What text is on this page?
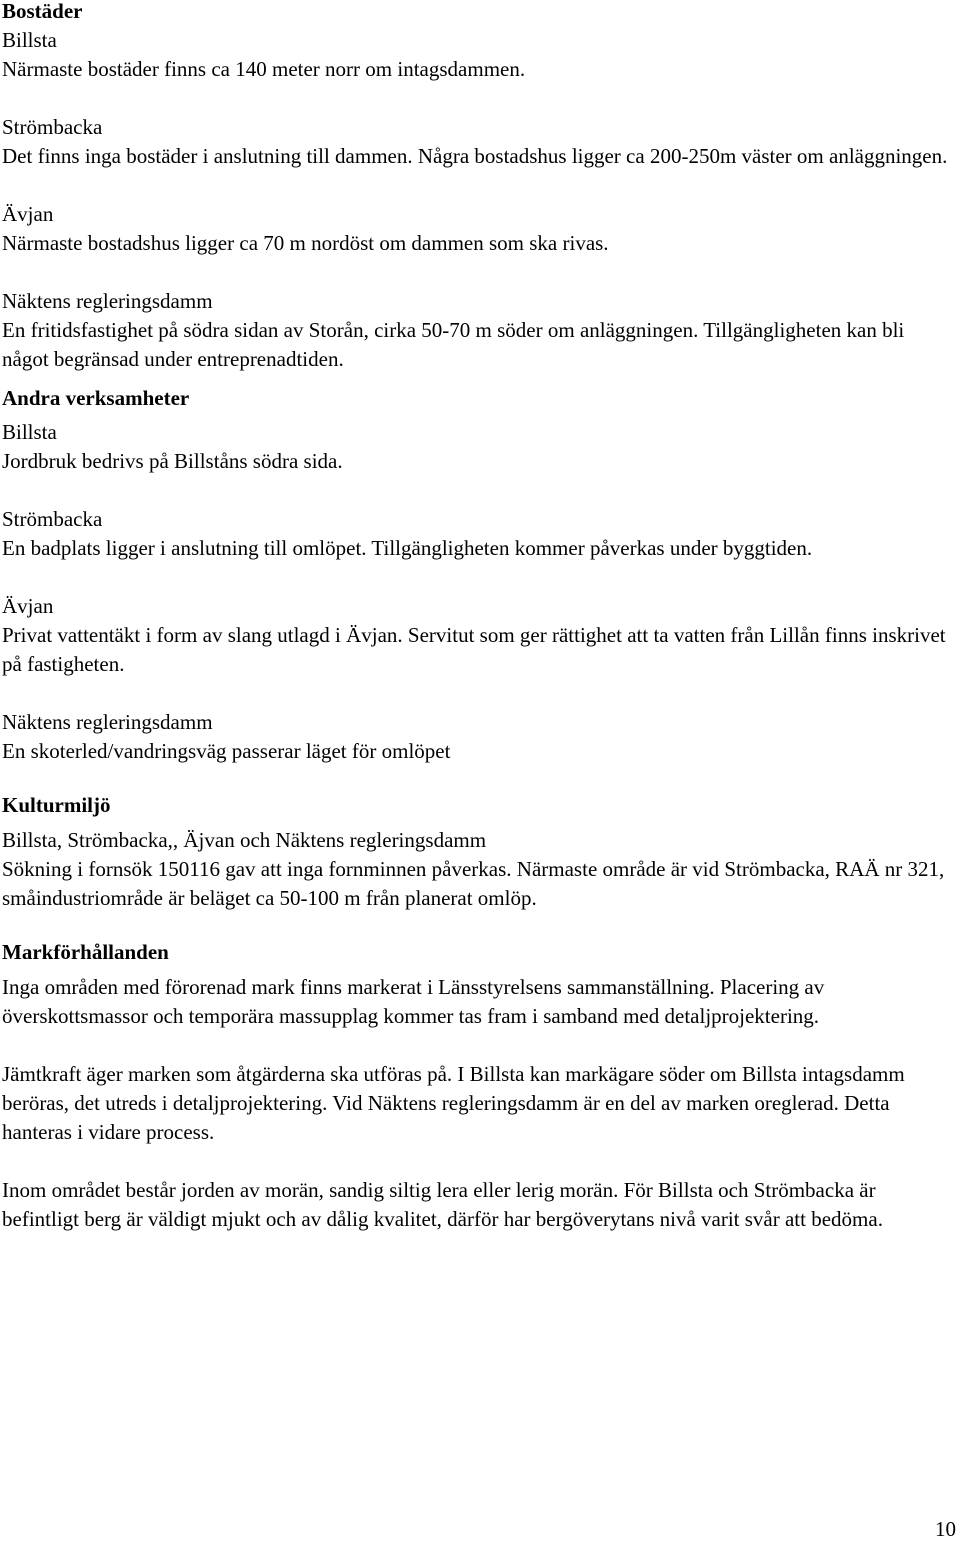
Bostäder

Billsta

Närmaste bostäder finns ca 140 meter norr om intagsdammen.

Strömbacka

Det finns inga bostäder i anslutning till dammen. Några bostadshus ligger ca 200-250m väster om anläggningen.

Ävjan

Närmaste bostadshus ligger ca 70 m nordöst om dammen som ska rivas.

Näktens regleringsdamm

En fritidsfastighet på södra sidan av Storån, cirka 50-70 m söder om anläggningen. Tillgängligheten kan bli något begränsad under entreprenadtiden.

Andra verksamheter

Billsta

Jordbruk bedrivs på Billståns södra sida.

Strömbacka

En badplats ligger i anslutning till omlöpet. Tillgängligheten kommer påverkas under byggtiden.

Ävjan

Privat vattentäkt i form av slang utlagd i Ävjan. Servitut som ger rättighet att ta vatten från Lillån finns inskrivet på fastigheten.

Näktens regleringsdamm

En skoterled/vandringsväg passerar läget för omlöpet

Kulturmiljö

Billsta, Strömbacka,, Äjvan och Näktens regleringsdamm

Sökning i fornsök 150116 gav att inga fornminnen påverkas. Närmaste område är vid Strömbacka, RAÄ nr 321, småindustriområde är beläget ca 50-100 m från planerat omlöp.

Markförhållanden

Inga områden med förorenad mark finns markerat i Länsstyrelsens sammanställning. Placering av överskottsmassor och temporära massupplag kommer tas fram i samband med detaljprojektering.

Jämtkraft äger marken som åtgärderna ska utföras på. I Billsta kan markägare söder om Billsta intagsdamm beröras, det utreds i detaljprojektering. Vid Näktens regleringsdamm är en del av marken oreglerad. Detta hanteras i vidare process.

Inom området består jorden av morän, sandig siltig lera eller lerig morän. För Billsta och Strömbacka är befintligt berg är väldigt mjukt och av dålig kvalitet, därför har bergöverytans nivå varit svår att bedöma.

10
